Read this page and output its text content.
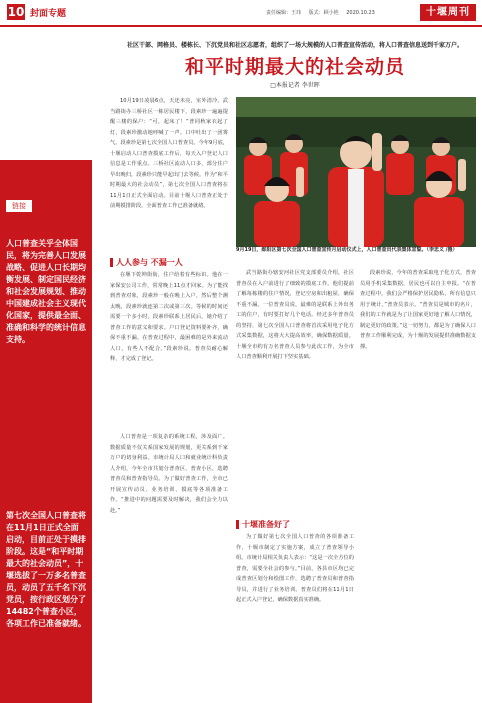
10 封面专题	责任编辑：王玮 版式：顾小艳 2020.10.23	十堰周刊
社区干部、网格员、楼栋长、下沉党员和社区志愿者，组织了一场大规模的人口普查宣传活动，将人口普查信息送到千家万户。
和平时期最大的社会动员
□本报记者 李世晖
链接
人口普查关乎全体国民，将为完善人口发展战略、促进人口长期均衡发展、制定国民经济和社会发展规划、推动中国建成社会主义现代化国家，提供最全面、准确和科学的统计信息支持。
第七次全国人口普查将在11月1日正式全面启动，目前正处于摸排阶段。这是“和平时期最大的社会动员”，十堰选拔了一万多名普查员，动员了五千名下沉党员，按行政区划分了14482个普查小区，各项工作已准备就绪。
9月19日，郧阳区第七次全国人口普查宣传月启动仪式上，人口普查员代表集体宣誓。（李忠义 /摄）

10月19日凌晨6点，天还未亮，室外清冷。武当路街办三桥社区一栋居民楼下，段素珍一遍遍提醒三楼的保户：“可，起床了！”普同秋家衣起了灯，段素珍激动地呼喊了一声。口中吐出了一团雾气。段素珍是第七次全国人口普查员。今年9月底，十堰启动人口普查摸底工作后，每天入户登记人口信息是工作重点。三桥社区流动人口多，部分住户早出晚归，段素珍只能早起出门去等候。作为“和平时期最大的社会动员”，第七次全国人口普查将在11月1日正式全面启动。目前十堰人口普查正处于前期摸排阶段，全面普查工作已准备就绪。

人人参与 不漏一人

在堰下乾坤街街，住户给着有些标识。他在一家保安公司工作，常常晚上11点才回家。为了能找到普查对象，段素珍一般在晚上入户，然后整个测太晚，段素珍就连第二次或第三次。等候的时间还需要一个多小时。段素珍联系上居民后，她介绍了普查工作的意义和要求。户口登记资料要补齐，确保不重不漏。在普查过程中，最困难的是外来流动人口，有些人不配合。”段素珍说。普查员耐心解释，才完成了登记。

人口普查是一项复杂的系统工程，涉及面广。数据质量不仅关系国家发展的规划，更关系到千家万户的切身利益。市统计局人口和就业统计科负责人介绍，今年全市共划分普查区、普查小区，选聘普查员和普查指导员。为了做好普查工作，全市已开展宣传动员、业务培训、摸底等各项准备工作。“推进中的问题需要及时解决，我们会全力以赴。”

武当路街办辖安河社区党支部委员介绍，社区普查员在入户前进行了细致的摸底工作。他们提前了解每栋楼的住户情况，登记空房和出租屋，确保不重不漏。一位普查员说，最难的是联系上外出务工的住户，有时要打好几个电话。经过多年普查员的坚持，第七次全国人口普查将首次采用电子化方式采集数据，这将大大提高效率，确保数据质量。十堰全市约有万名普查人员参与此次工作，为全市人口普查顺利开展打下坚实基础。

十堰准备好了

为了做好第七次全国人口普查的各项准备工作，十堰市制定了实施方案，成立了普查领导小组。市统计局相关负责人表示：“这是一次全方位的普查，需要全社会的参与。”目前，各县市区均已完成普查区划分和绘图工作，选聘了普查员和普查指导员，并进行了业务培训。普查员们将在11月1日起正式入户登记，确保数据真实准确。

段素珍说，今年的普查采取电子化方式，普查员用手机采集数据，居民也可以自主申报。“在普查过程中，我们会严格保护居民隐私，所有信息只用于统计。”普查员表示。“普查员是城市的名片，我们的工作就是为了让国家更好地了解人口情况，制定更好的政策。”这一切努力，都是为了确保人口普查工作顺利完成，为十堰的发展提供准确数据支撑。
